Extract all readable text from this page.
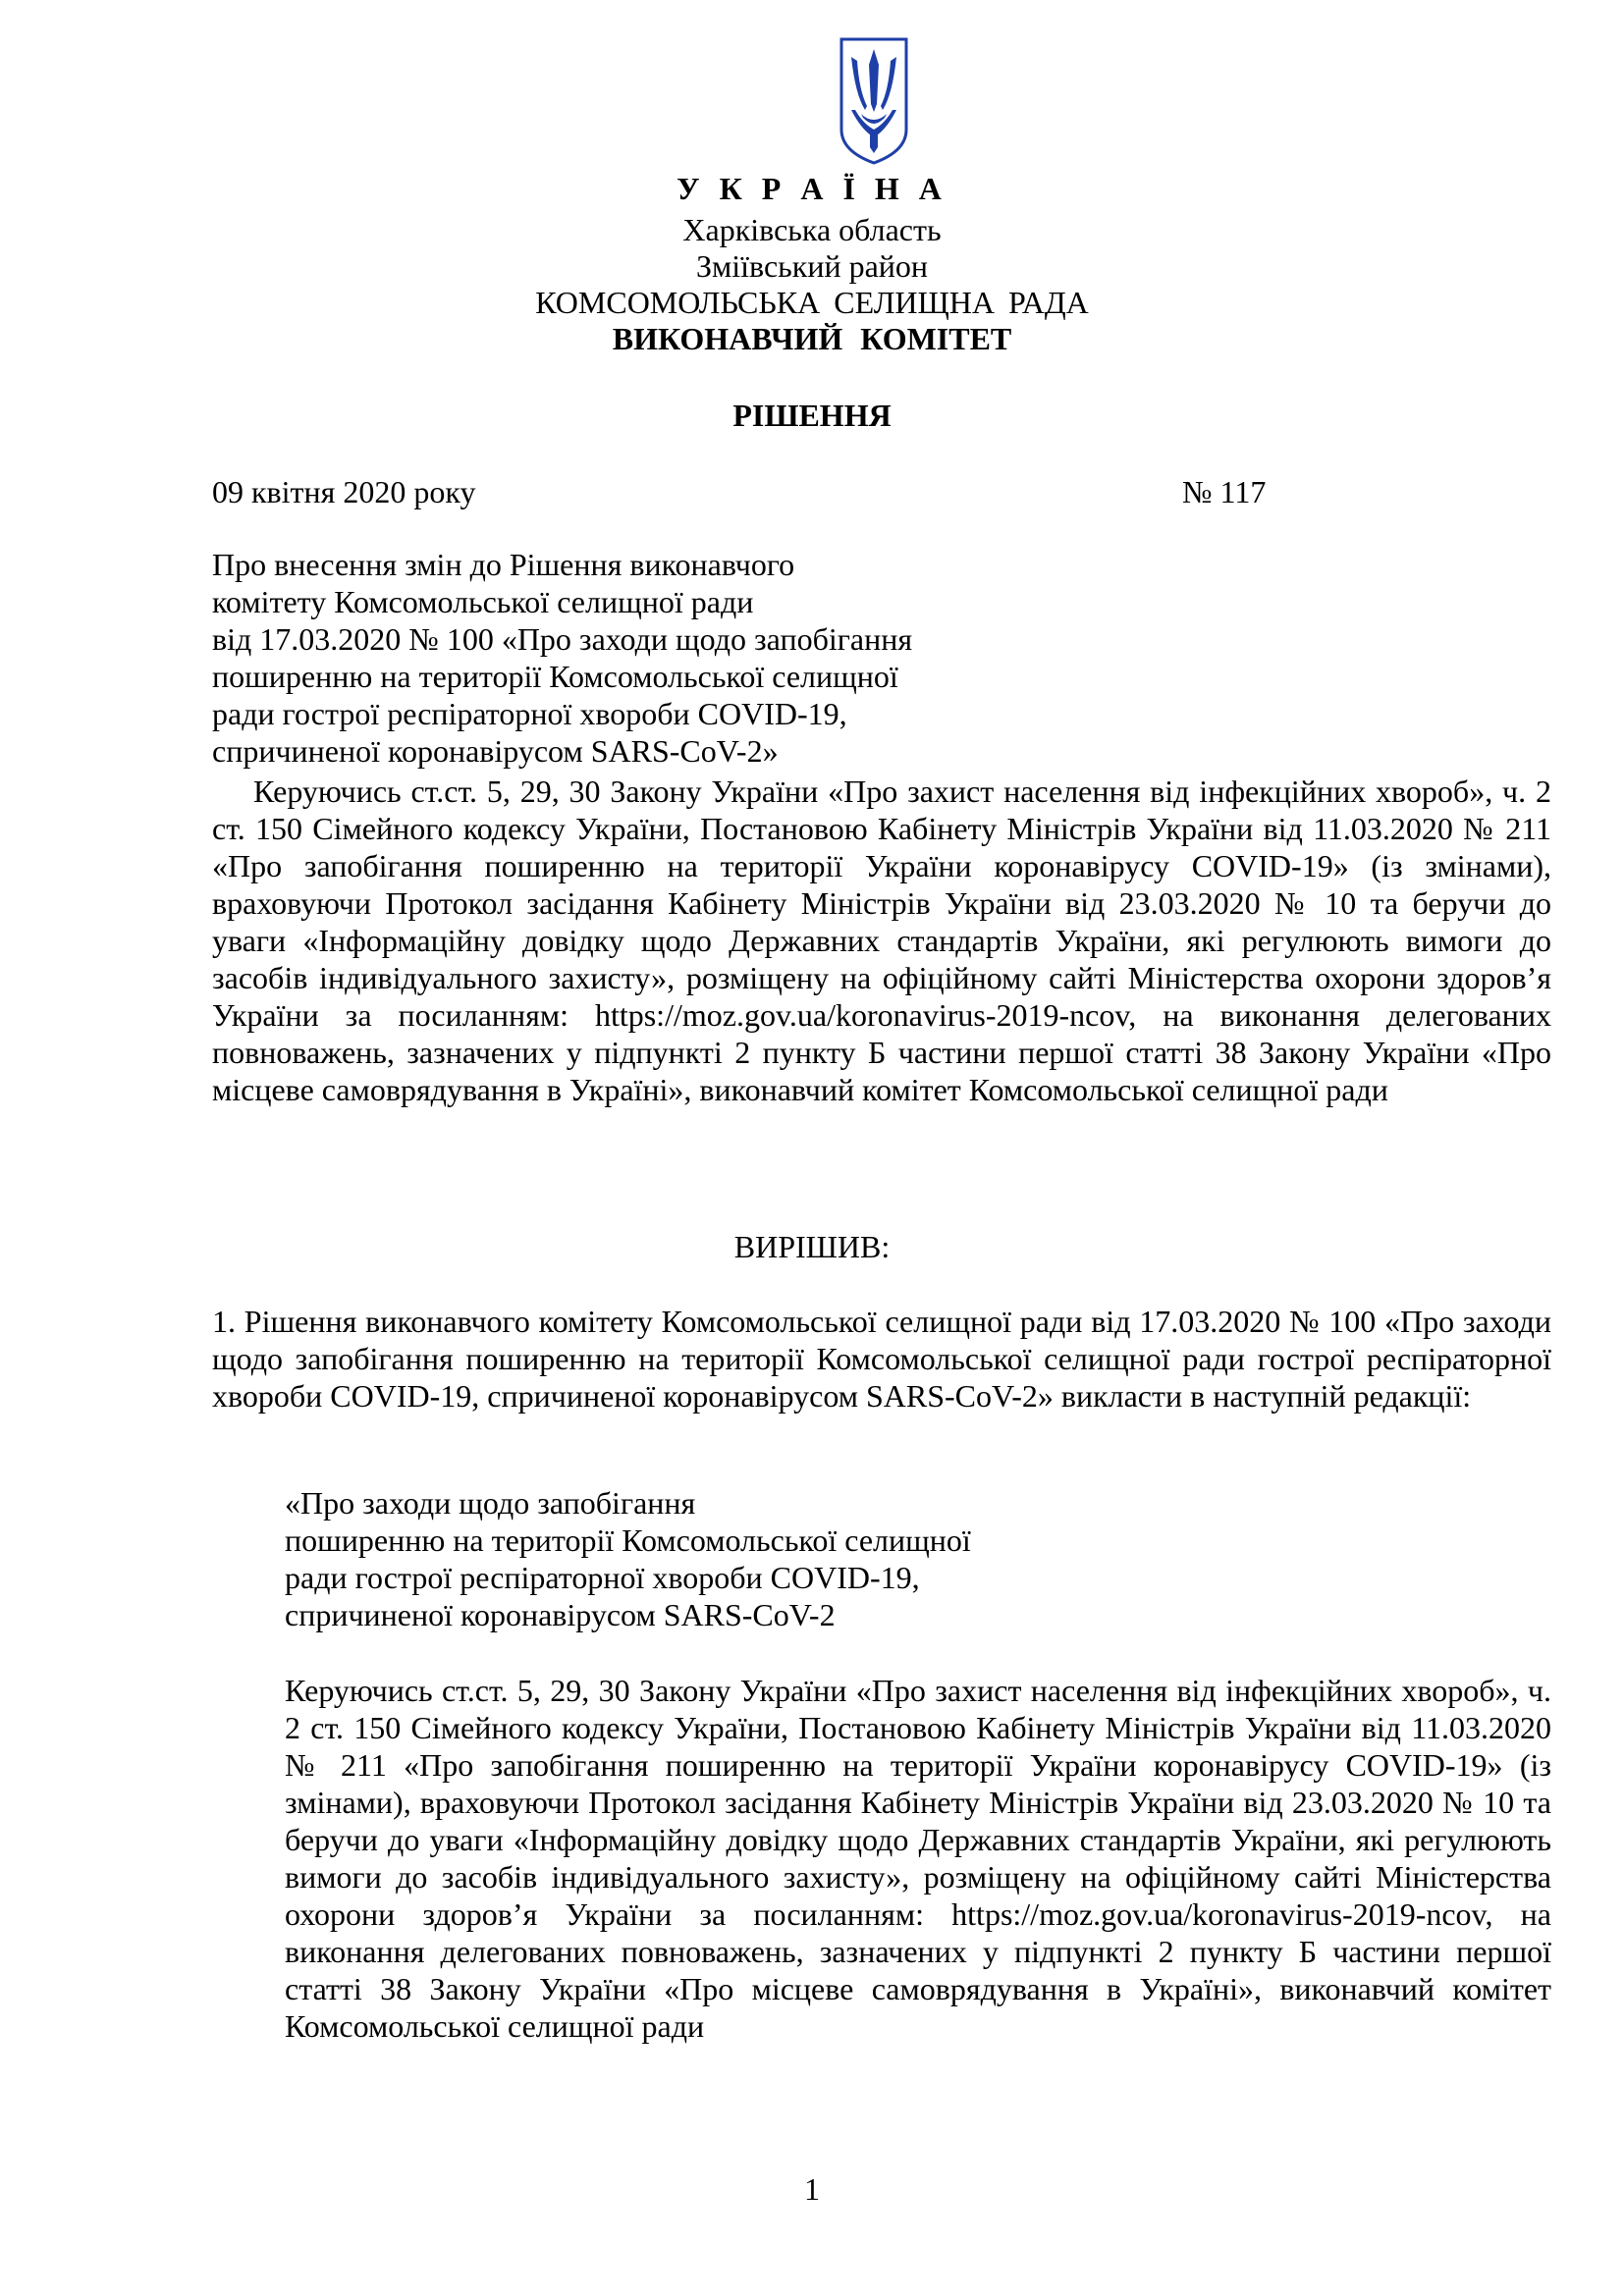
У К Р А Ї Н А
Харківська область
Зміївський район
КОМСОМОЛЬСЬКА СЕЛИЩНА РАДА
ВИКОНАВЧИЙ КОМІТЕТ
РІШЕННЯ
09 квітня 2020 року	№ 117
Про внесення змін до Рішення виконавчого
комітету Комсомольської селищної ради
від 17.03.2020 № 100 «Про заходи щодо запобігання
поширенню на території Комсомольської селищної
ради гострої респіраторної хвороби COVID-19,
спричиненої коронавірусом SARS-CoV-2»
Керуючись ст.ст. 5, 29, 30 Закону України «Про захист населення від інфекційних хвороб», ч. 2 ст. 150 Сімейного кодексу України, Постановою Кабінету Міністрів України від 11.03.2020 № 211 «Про запобігання поширенню на території України коронавірусу COVID-19» (із змінами), враховуючи Протокол засідання Кабінету Міністрів України від 23.03.2020 № 10 та беручи до уваги «Інформаційну довідку щодо Державних стандартів України, які регулюють вимоги до засобів індивідуального захисту», розміщену на офіційному сайті Міністерства охорони здоров’я України за посиланням: https://moz.gov.ua/koronavirus-2019-ncov, на виконання делегованих повноважень, зазначених у підпункті 2 пункту Б частини першої статті 38 Закону України «Про місцеве самоврядування в Україні», виконавчий комітет Комсомольської селищної ради
ВИРІШИВ:
1. Рішення виконавчого комітету Комсомольської селищної ради від 17.03.2020 № 100 «Про заходи щодо запобігання поширенню на території Комсомольської селищної ради гострої респіраторної хвороби COVID-19, спричиненої коронавірусом SARS-CoV-2» викласти в наступній редакції:
«Про заходи щодо запобігання
поширенню на території Комсомольської селищної
ради гострої респіраторної хвороби COVID-19,
спричиненої коронавірусом SARS-CoV-2
Керуючись ст.ст. 5, 29, 30 Закону України «Про захист населення від інфекційних хвороб», ч. 2 ст. 150 Сімейного кодексу України, Постановою Кабінету Міністрів України від 11.03.2020 № 211 «Про запобігання поширенню на території України коронавірусу COVID-19» (із змінами), враховуючи Протокол засідання Кабінету Міністрів України від 23.03.2020 № 10 та беручи до уваги «Інформаційну довідку щодо Державних стандартів України, які регулюють вимоги до засобів індивідуального захисту», розміщену на офіційному сайті Міністерства охорони здоров’я України за посиланням: https://moz.gov.ua/koronavirus-2019-ncov, на виконання делегованих повноважень, зазначених у підпункті 2 пункту Б частини першої статті 38 Закону України «Про місцеве самоврядування в Україні», виконавчий комітет Комсомольської селищної ради
1
